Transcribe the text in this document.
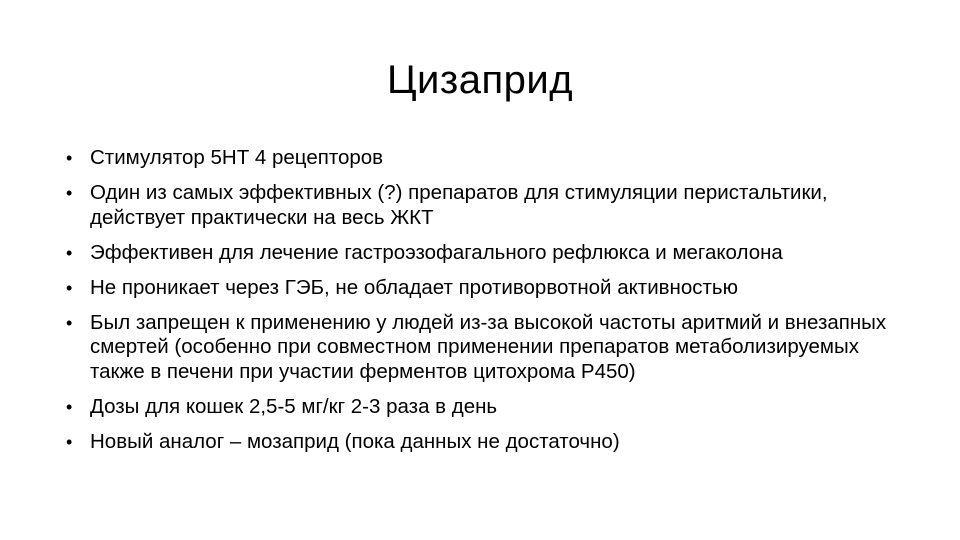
Цизаприд
• Стимулятор 5НТ 4 рецепторов
• Один из самых эффективных (?) препаратов для стимуляции перистальтики, действует практически на весь ЖКТ
• Эффективен для лечение гастроэзофагального рефлюкса и мегаколона
• Не проникает через ГЭБ, не обладает противорвотной активностью
• Был запрещен к применению у людей из-за высокой частоты аритмий и внезапных смертей (особенно при совместном применении препаратов метаболизируемых также в печени при участии ферментов цитохрома Р450)
• Дозы для кошек 2,5-5 мг/кг 2-3 раза в день
• Новый аналог – мозаприд (пока данных не достаточно)
